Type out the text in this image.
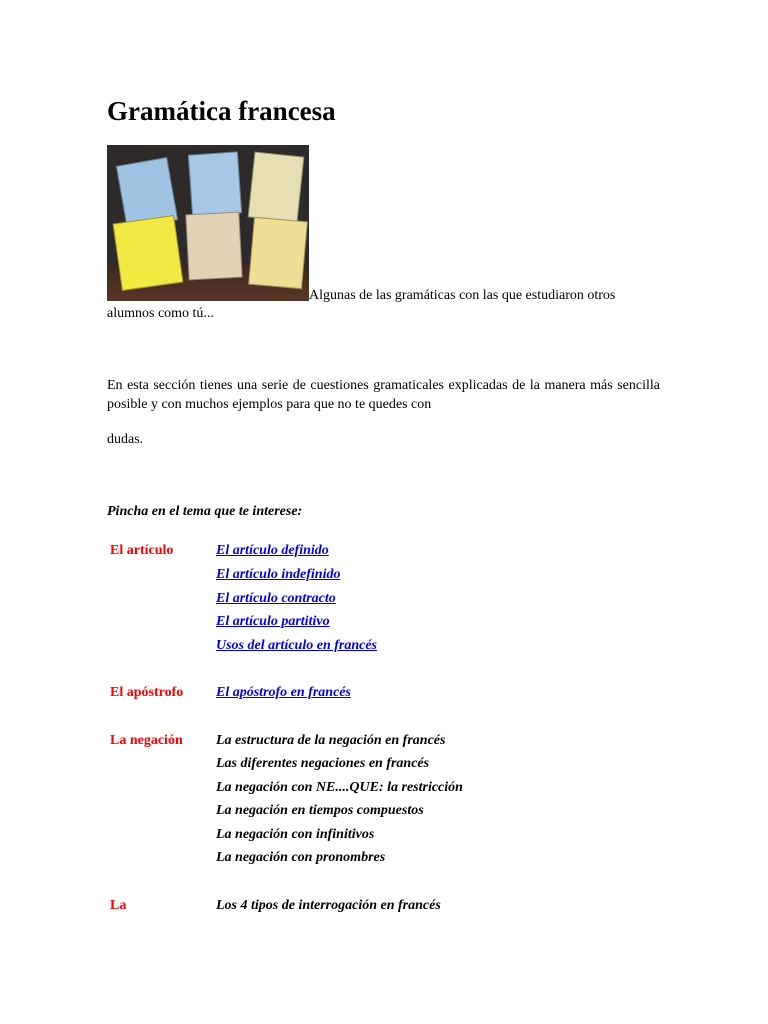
Gramática francesa
Algunas de las gramáticas con las que estudiaron otros alumnos como tú...

En esta sección tienes una serie de cuestiones gramaticales explicadas de la manera más sencilla posible y con muchos ejemplos para que no te quedes con

dudas.

Pincha en el tema que te interese:
El artículo	El artículo definido
El artículo indefinido
El artículo contracto
El artículo partitivo
Usos del artículo en francés
El apóstrofo El apóstrofo en francés
La negación La estructura de la negación en francés
Las diferentes negaciones en francés
La negación con NE....QUE: la restricción
La negación en tiempos compuestos
La negación con infinitivos
La negación con pronombres
La	Los 4 tipos de interrogación en francés
